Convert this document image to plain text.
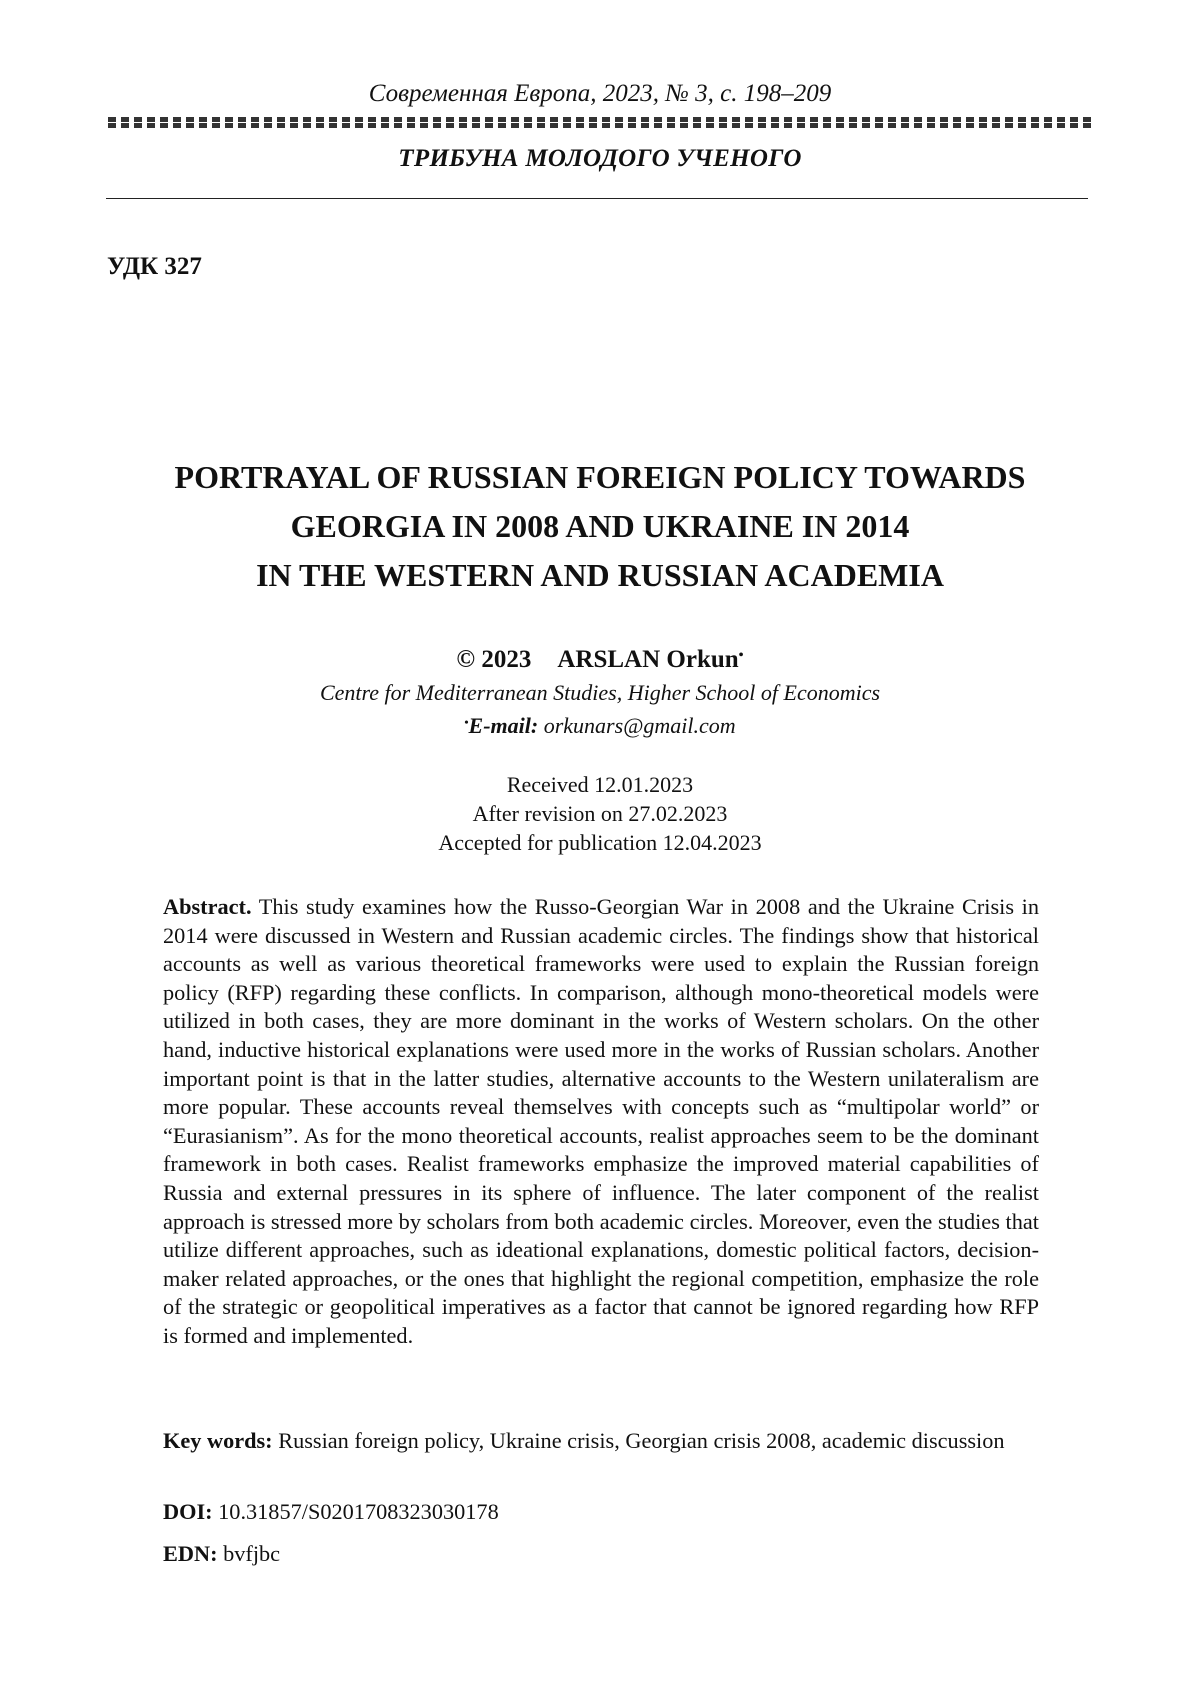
Современная Европа, 2023, № 3, с. 198–209
ТРИБУНА МОЛОДОГО УЧЕНОГО
УДК 327
PORTRAYAL OF RUSSIAN FOREIGN POLICY TOWARDS
GEORGIA IN 2008 AND UKRAINE IN 2014
IN THE WESTERN AND RUSSIAN ACADEMIA
© 2023 ARSLAN Orkun•
Centre for Mediterranean Studies, Higher School of Economics
•E-mail: orkunars@gmail.com
Received 12.01.2023
After revision on 27.02.2023
Accepted for publication 12.04.2023
Abstract. This study examines how the Russo-Georgian War in 2008 and the Ukraine Crisis in 2014 were discussed in Western and Russian academic circles. The findings show that historical accounts as well as various theoretical frameworks were used to explain the Russian foreign policy (RFP) regarding these conflicts. In comparison, although mono-theoretical models were utilized in both cases, they are more dominant in the works of Western scholars. On the other hand, inductive historical explanations were used more in the works of Russian scholars. Another important point is that in the latter studies, alternative accounts to the Western unilateralism are more popular. These accounts reveal themselves with concepts such as “multipolar world” or “Eurasianism”. As for the mono theoretical accounts, realist approaches seem to be the dominant framework in both cases. Realist frameworks emphasize the improved material capabilities of Russia and external pressures in its sphere of influence. The later component of the realist approach is stressed more by scholars from both academic circles. Moreover, even the studies that utilize different approaches, such as ideational explanations, domestic political factors, decision-maker related approaches, or the ones that highlight the regional competition, emphasize the role of the strategic or geopolitical imperatives as a factor that cannot be ignored regarding how RFP is formed and implemented.
Key words: Russian foreign policy, Ukraine crisis, Georgian crisis 2008, academic discussion
DOI: 10.31857/S0201708323030178
EDN: bvfjbc
